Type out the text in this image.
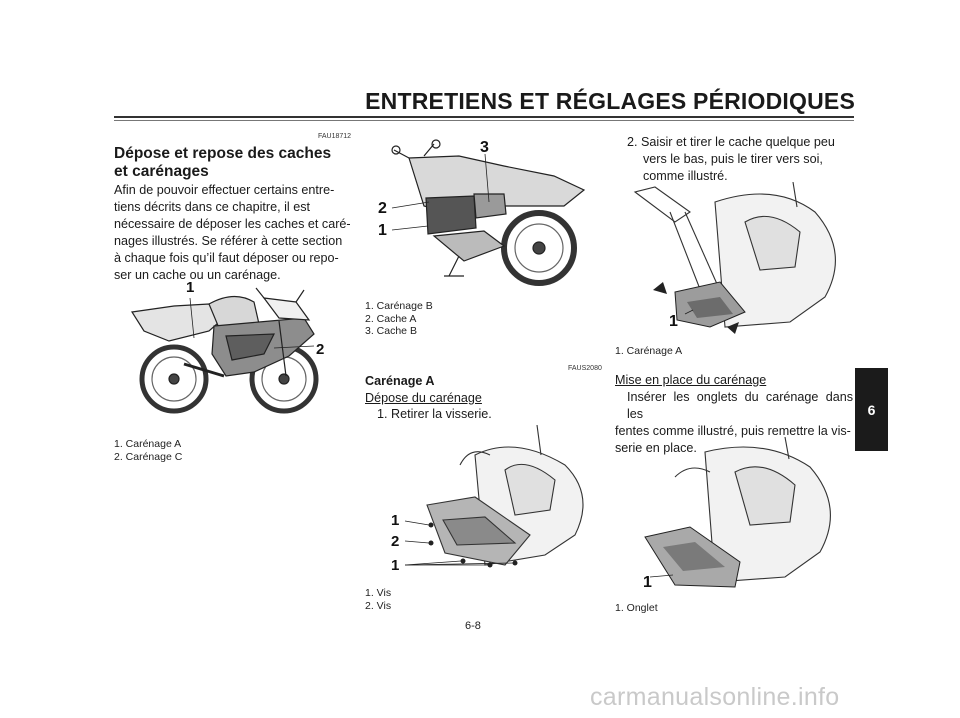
ENTRETIENS ET RÉGLAGES PÉRIODIQUES
FAU18712
Dépose et repose des caches
et carénages
Afin de pouvoir effectuer certains entre-
tiens décrits dans ce chapitre, il est
nécessaire de déposer les caches et caré-
nages illustrés. Se référer à cette section
à chaque fois qu’il faut déposer ou repo-
ser un cache ou un carénage.
1
2
1. Carénage A
2. Carénage C
3
2
1
1. Carénage B
2. Cache A
3. Cache B
FAUS2080
Carénage A
Dépose du carénage
1. Retirer la visserie.
1
2
1
1. Vis
2. Vis
2. Saisir et tirer le cache quelque peu
vers le bas, puis le tirer vers soi,
comme illustré.
1
1. Carénage A
Mise en place du carénage
Insérer les onglets du carénage dans les
fentes comme illustré, puis remettre la vis-
serie en place.
1
1. Onglet
6
6-8
carmanualsonline.info
